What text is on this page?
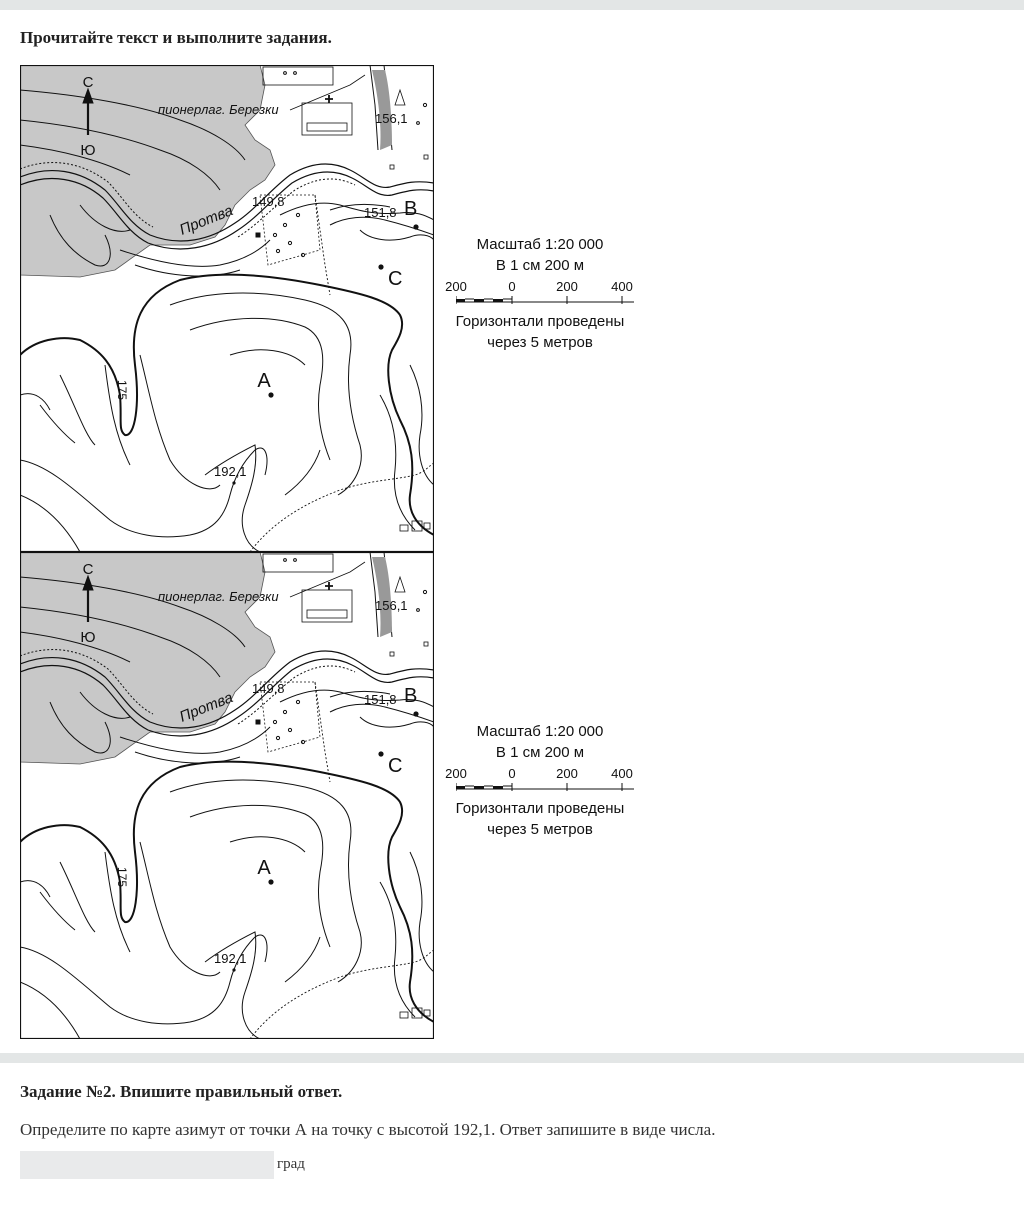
Прочитайте текст и выполните задания.
С
Ю
пионерлаг. Березки
Протва
156,1
149,8
151,8
192,1
175	А
В
С
С
Ю
пионерлаг. Березки
Протва
156,1
149,8
151,8
192,1
175	А
В
С
Масштаб 1:20 000
В 1 см 200 м
200	0	200	400
Горизонтали проведены
через 5 метров
Масштаб 1:20 000
В 1 см 200 м
200	0	200	400
Горизонтали проведены
через 5 метров
Задание №2. Впишите правильный ответ.
Определите по карте азимут от точки А на точку с высотой 192,1. Ответ запишите в виде числа.
град
